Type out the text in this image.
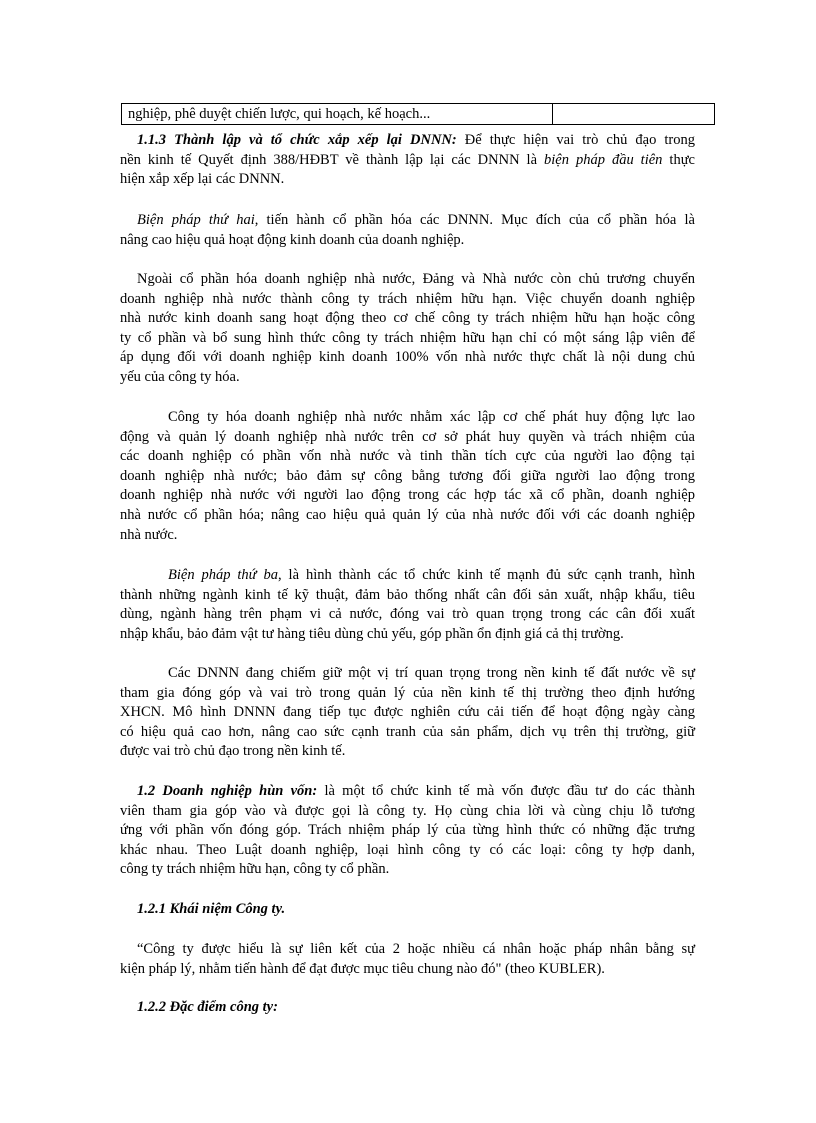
nghiệp, phê duyệt chiến lược, qui hoạch, kế hoạch...
1.1.3 Thành lập và tổ chức xắp xếp lại DNNN: Để thực hiện vai trò chủ đạo trong
nền kinh tế Quyết định 388/HĐBT về thành lập lại các DNNN là biện pháp đầu tiên thực
hiện xắp xếp lại các DNNN.
Biện pháp thứ hai, tiến hành cổ phần hóa các DNNN. Mục đích của cổ phần hóa là
nâng cao hiệu quả hoạt động kinh doanh của doanh nghiệp.
Ngoài cổ phần hóa doanh nghiệp nhà nước, Đảng và Nhà nước còn chủ trương chuyển
doanh nghiệp nhà nước thành công ty trách nhiệm hữu hạn. Việc chuyển doanh nghiệp
nhà nước kinh doanh sang hoạt động theo cơ chế công ty trách nhiệm hữu hạn hoặc công
ty cổ phần và bổ sung hình thức công ty trách nhiệm hữu hạn chỉ có một sáng lập viên để
áp dụng đối với doanh nghiệp kinh doanh 100% vốn nhà nước thực chất là nội dung chủ
yếu của công ty hóa.
Công ty hóa doanh nghiệp nhà nước nhằm xác lập cơ chế phát huy động lực lao
động và quản lý doanh nghiệp nhà nước trên cơ sở phát huy quyền và trách nhiệm của
các doanh nghiệp có phần vốn nhà nước và tinh thần tích cực của người lao động tại
doanh nghiệp nhà nước; bảo đảm sự công bằng tương đối giữa người lao động trong
doanh nghiệp nhà nước với người lao động trong các hợp tác xã cổ phần, doanh nghiệp
nhà nước cổ phần hóa; nâng cao hiệu quả quản lý của nhà nước đối với các doanh nghiệp
nhà nước.
Biện pháp thứ ba, là hình thành các tổ chức kinh tế mạnh đủ sức cạnh tranh, hình
thành những ngành kinh tế kỹ thuật, đảm bảo thống nhất cân đối sản xuất, nhập khẩu, tiêu
dùng, ngành hàng trên phạm vi cả nước, đóng vai trò quan trọng trong các cân đối xuất
nhập khẩu, bảo đảm vật tư hàng tiêu dùng chủ yếu, góp phần ổn định giá cả thị trường.
Các DNNN đang chiếm giữ một vị trí quan trọng trong nền kinh tế đất nước về sự
tham gia đóng góp và vai trò trong quản lý của nền kinh tế thị trường theo định hướng
XHCN. Mô hình DNNN đang tiếp tục được nghiên cứu cải tiến để hoạt động ngày càng
có hiệu quả cao hơn, nâng cao sức cạnh tranh của sản phẩm, dịch vụ trên thị trường, giữ
được vai trò chủ đạo trong nền kinh tế.
1.2 Doanh nghiệp hùn vốn: là một tổ chức kinh tế mà vốn được đầu tư do các thành
viên tham gia góp vào và được gọi là công ty. Họ cùng chia lời và cùng chịu lỗ tương
ứng với phần vốn đóng góp. Trách nhiệm pháp lý của từng hình thức có những đặc trưng
khác nhau. Theo Luật doanh nghiệp, loại hình công ty có các loại: công ty hợp danh,
công ty trách nhiệm hữu hạn, công ty cổ phần.
1.2.1 Khái niệm Công ty.
“Công ty được hiểu là sự liên kết của 2 hoặc nhiều cá nhân hoặc pháp nhân bằng sự
kiện pháp lý, nhằm tiến hành để đạt được mục tiêu chung nào đó" (theo KUBLER).
1.2.2 Đặc điểm công ty:
